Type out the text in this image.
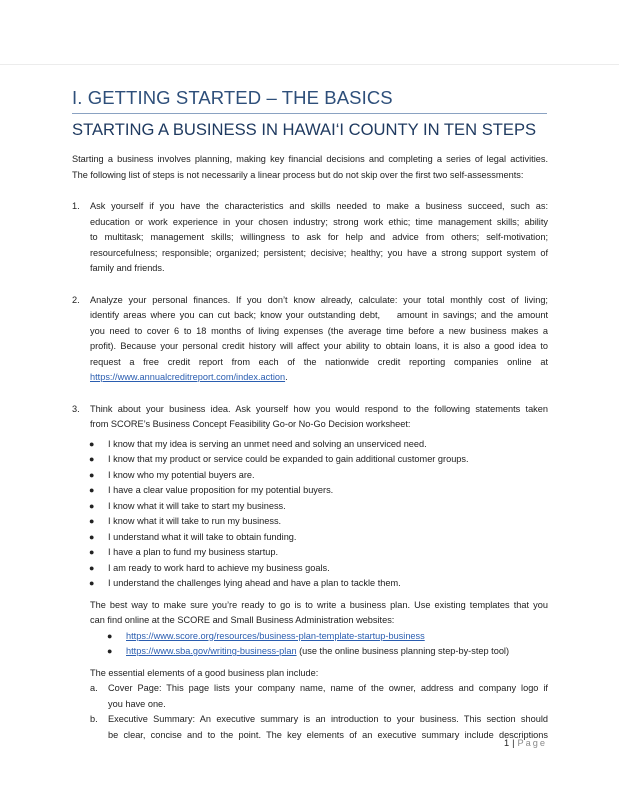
I. GETTING STARTED – THE BASICS
STARTING A BUSINESS IN HAWAI‘I COUNTY IN TEN STEPS

Starting a business involves planning, making key financial decisions and completing a series of legal activities.
The following list of steps is not necessarily a linear process but do not skip over the first two self-assessments:

1. Ask yourself if you have the characteristics and skills needed to make a business succeed, such as:
education or work experience in your chosen industry; strong work ethic; time management skills; ability
to multitask; management skills; willingness to ask for help and advice from others; self-motivation;
resourcefulness; responsible; organized; persistent; decisive; healthy; you have a strong support system of
family and friends.
2. Analyze your personal finances. If you don’t know already, calculate: your total monthly cost of living;
identify areas where you can cut back; know your outstanding debt,    amount in savings; and the amount
you need to cover 6 to 18 months of living expenses (the average time before a new business makes a
profit). Because your personal credit history will affect your ability to obtain loans, it is also a good idea to
request a free credit report from each of the nationwide credit reporting companies online at
https://www.annualcreditreport.com/index.action.
3. Think about your business idea. Ask yourself how you would respond to the following statements taken
from SCORE’s Business Concept Feasibility Go-or No-Go Decision worksheet:
● I know that my idea is serving an unmet need and solving an unserviced need.
● I know that my product or service could be expanded to gain additional customer groups.
● I know who my potential buyers are.
● I have a clear value proposition for my potential buyers.
● I know what it will take to start my business.
● I know what it will take to run my business.
● I understand what it will take to obtain funding.
● I have a plan to fund my business startup.
● I am ready to work hard to achieve my business goals.
● I understand the challenges lying ahead and have a plan to tackle them.

The best way to make sure you’re ready to go is to write a business plan. Use existing templates that you
can find online at the SCORE and Small Business Administration websites:

● https://www.score.org/resources/business-plan-template-startup-business
● https://www.sba.gov/writing-business-plan (use the online business planning step-by-step tool)

The essential elements of a good business plan include:

a. Cover Page: This page lists your company name, name of the owner, address and company logo if
you have one.
b. Executive Summary: An executive summary is an introduction to your business. This section should
be clear, concise and to the point. The key elements of an executive summary include descriptions
1 | Page
